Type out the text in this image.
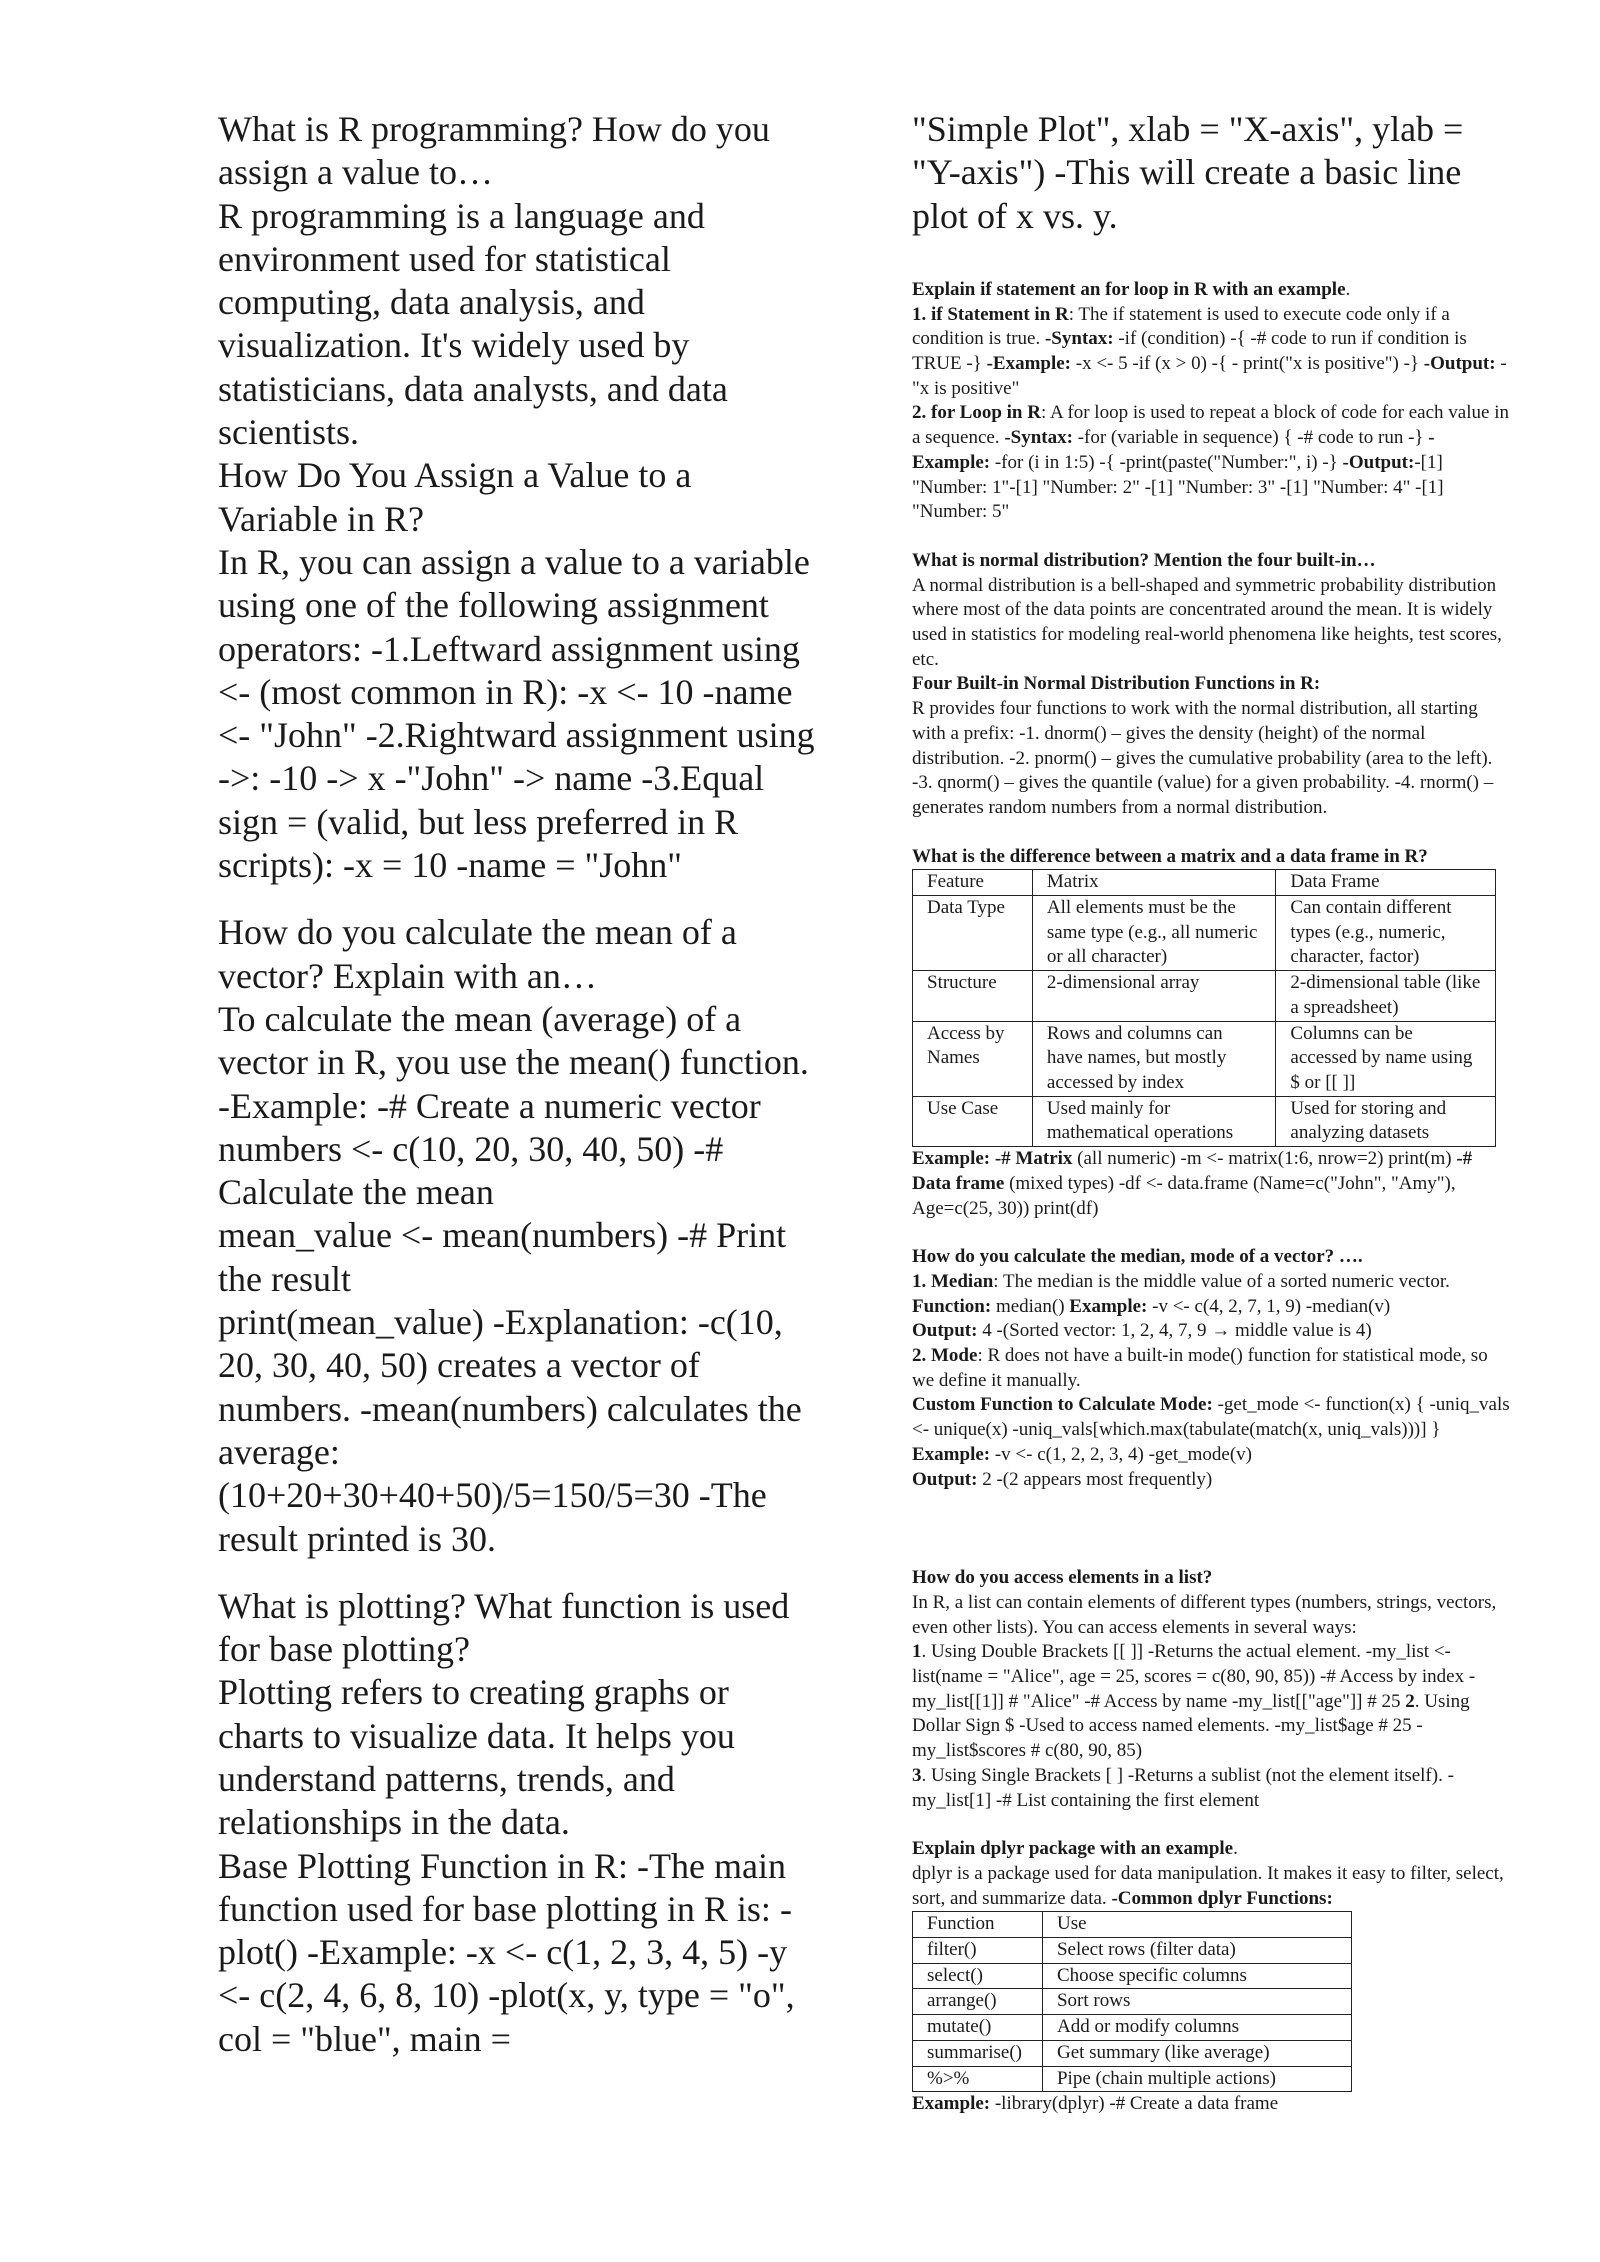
What is R programming? How do you assign a value to…

R programming is a language and environment used for statistical computing, data analysis, and visualization. It's widely used by statisticians, data analysts, and data scientists.

How Do You Assign a Value to a Variable in R?

In R, you can assign a value to a variable using one of the following assignment operators: -1.Leftward assignment using <- (most common in R): -x <- 10 -name <- "John" -2.Rightward assignment using ->: -10 -> x -"John" -> name -3.Equal sign = (valid, but less preferred in R scripts): -x = 10 -name = "John"

How do you calculate the mean of a vector? Explain with an…

To calculate the mean (average) of a vector in R, you use the mean() function. -Example: -# Create a numeric vector

numbers <- c(10, 20, 30, 40, 50) -# Calculate the mean

mean_value <- mean(numbers) -# Print the result

print(mean_value) -Explanation: -c(10, 20, 30, 40, 50) creates a vector of numbers. -mean(numbers) calculates the average: (10+20+30+40+50)/5=150/5=30 -The result printed is 30.

What is plotting? What function is used for base plotting?

Plotting refers to creating graphs or charts to visualize data. It helps you understand patterns, trends, and relationships in the data.

Base Plotting Function in R: -The main function used for base plotting in R is: -plot() -Example: -x <- c(1, 2, 3, 4, 5) -y <- c(2, 4, 6, 8, 10) -plot(x, y, type = "o", col = "blue", main =

"Simple Plot", xlab = "X-axis", ylab = "Y-axis") -This will create a basic line plot of x vs. y.

Explain if statement an for loop in R with an example.

1. if Statement in R: The if statement is used to execute code only if a condition is true. -Syntax: -if (condition) -{ -# code to run if condition is TRUE -} -Example: -x <- 5 -if (x > 0) -{ - print("x is positive") -} -Output: -"x is positive"

2. for Loop in R: A for loop is used to repeat a block of code for each value in a sequence. -Syntax: -for (variable in sequence) { -# code to run -} -Example: -for (i in 1:5) -{ -print(paste("Number:", i) -} -Output:-[1] "Number: 1"-[1] "Number: 2" -[1] "Number: 3" -[1] "Number: 4" -[1] "Number: 5"

What is normal distribution? Mention the four built-in…

A normal distribution is a bell-shaped and symmetric probability distribution where most of the data points are concentrated around the mean. It is widely used in statistics for modeling real-world phenomena like heights, test scores, etc.

Four Built-in Normal Distribution Functions in R:

R provides four functions to work with the normal distribution, all starting with a prefix: -1. dnorm() – gives the density (height) of the normal distribution. -2. pnorm() – gives the cumulative probability (area to the left). -3. qnorm() – gives the quantile (value) for a given probability. -4. rnorm() – generates random numbers from a normal distribution.

What is the difference between a matrix and a data frame in R?

Feature	Matrix	Data Frame
Data Type	All elements must be the same type (e.g., all numeric or all character)	Can contain different types (e.g., numeric, character, factor)
Structure	2-dimensional array	2-dimensional table (like a spreadsheet)
Access by Names	Rows and columns can have names, but mostly accessed by index	Columns can be accessed by name using $ or [[ ]]
Use Case	Used mainly for mathematical operations	Used for storing and analyzing datasets

Example: -# Matrix (all numeric) -m <- matrix(1:6, nrow=2) print(m) -# Data frame (mixed types) -df <- data.frame (Name=c("John", "Amy"), Age=c(25, 30)) print(df)

How do you calculate the median, mode of a vector? ….

1. Median: The median is the middle value of a sorted numeric vector. Function: median() Example: -v <- c(4, 2, 7, 1, 9) -median(v)
Output: 4 -(Sorted vector: 1, 2, 4, 7, 9 → middle value is 4)

2. Mode: R does not have a built-in mode() function for statistical mode, so we define it manually.

Custom Function to Calculate Mode: -get_mode <- function(x) { -uniq_vals <- unique(x) -uniq_vals[which.max(tabulate(match(x, uniq_vals)))] } Example: -v <- c(1, 2, 2, 3, 4) -get_mode(v)
Output: 2 -(2 appears most frequently)

How do you access elements in a list?

In R, a list can contain elements of different types (numbers, strings, vectors, even other lists). You can access elements in several ways:

1. Using Double Brackets [[ ]] -Returns the actual element. -my_list <- list(name = "Alice", age = 25, scores = c(80, 90, 85)) -# Access by index -my_list[[1]] # "Alice" -# Access by name -my_list[["age"]] # 25 2. Using Dollar Sign $ -Used to access named elements. -my_list$age # 25 -my_list$scores # c(80, 90, 85)

3. Using Single Brackets [ ] -Returns a sublist (not the element itself). -my_list[1] -# List containing the first element

Explain dplyr package with an example.

dplyr is a package used for data manipulation. It makes it easy to filter, select, sort, and summarize data. -Common dplyr Functions:

Function	Use
filter()	Select rows (filter data)
select()	Choose specific columns
arrange()	Sort rows
mutate()	Add or modify columns
summarise()	Get summary (like average)
%>%	Pipe (chain multiple actions)

Example: -library(dplyr) -# Create a data frame
